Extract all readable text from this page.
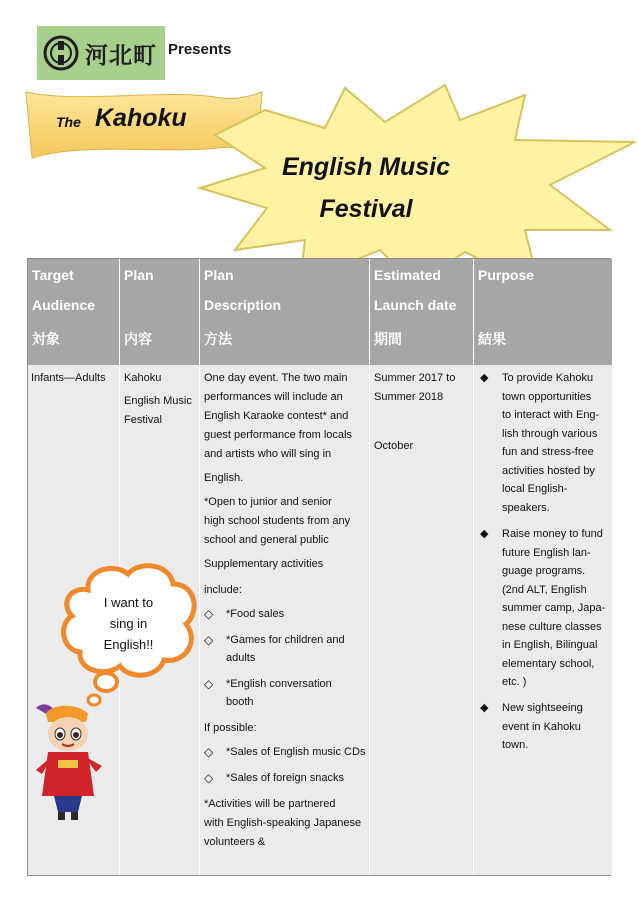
河北町 Presents
The Kahoku
English Music
Festival
Target
Audience
対象
Plan
内容
Plan
Description
方法
Estimated
Launch date
期間
Purpose
結果
Infants—Adults Kahoku
English Music
Festival
One day event. The two main
performances will include an
English Karaoke contest* and
guest performance from locals
and artists who will sing in
English.
*Open to junior and senior
high school students from any
school and general public
Supplementary activities
include:
◇ *Food sales
◇ *Games for children and
adults
◇ *English conversation
booth
If possible:
◇ *Sales of English music CDs
◇ *Sales of foreign snacks
*Activities will be partnered
with English-speaking Japanese
volunteers &
Summer 2017 to
Summer 2018
October
◆ To provide Kahoku
town opportunities
to interact with Eng-
lish through various
fun and stress-free
activities hosted by
local English-
speakers.
◆ Raise money to fund
future English lan-
guage programs.
(2nd ALT, English
summer camp, Japa-
nese culture classes
in English, Bilingual
elementary school,
etc. )
◆ New sightseeing
event in Kahoku
town.
I want to
sing in
English!!
